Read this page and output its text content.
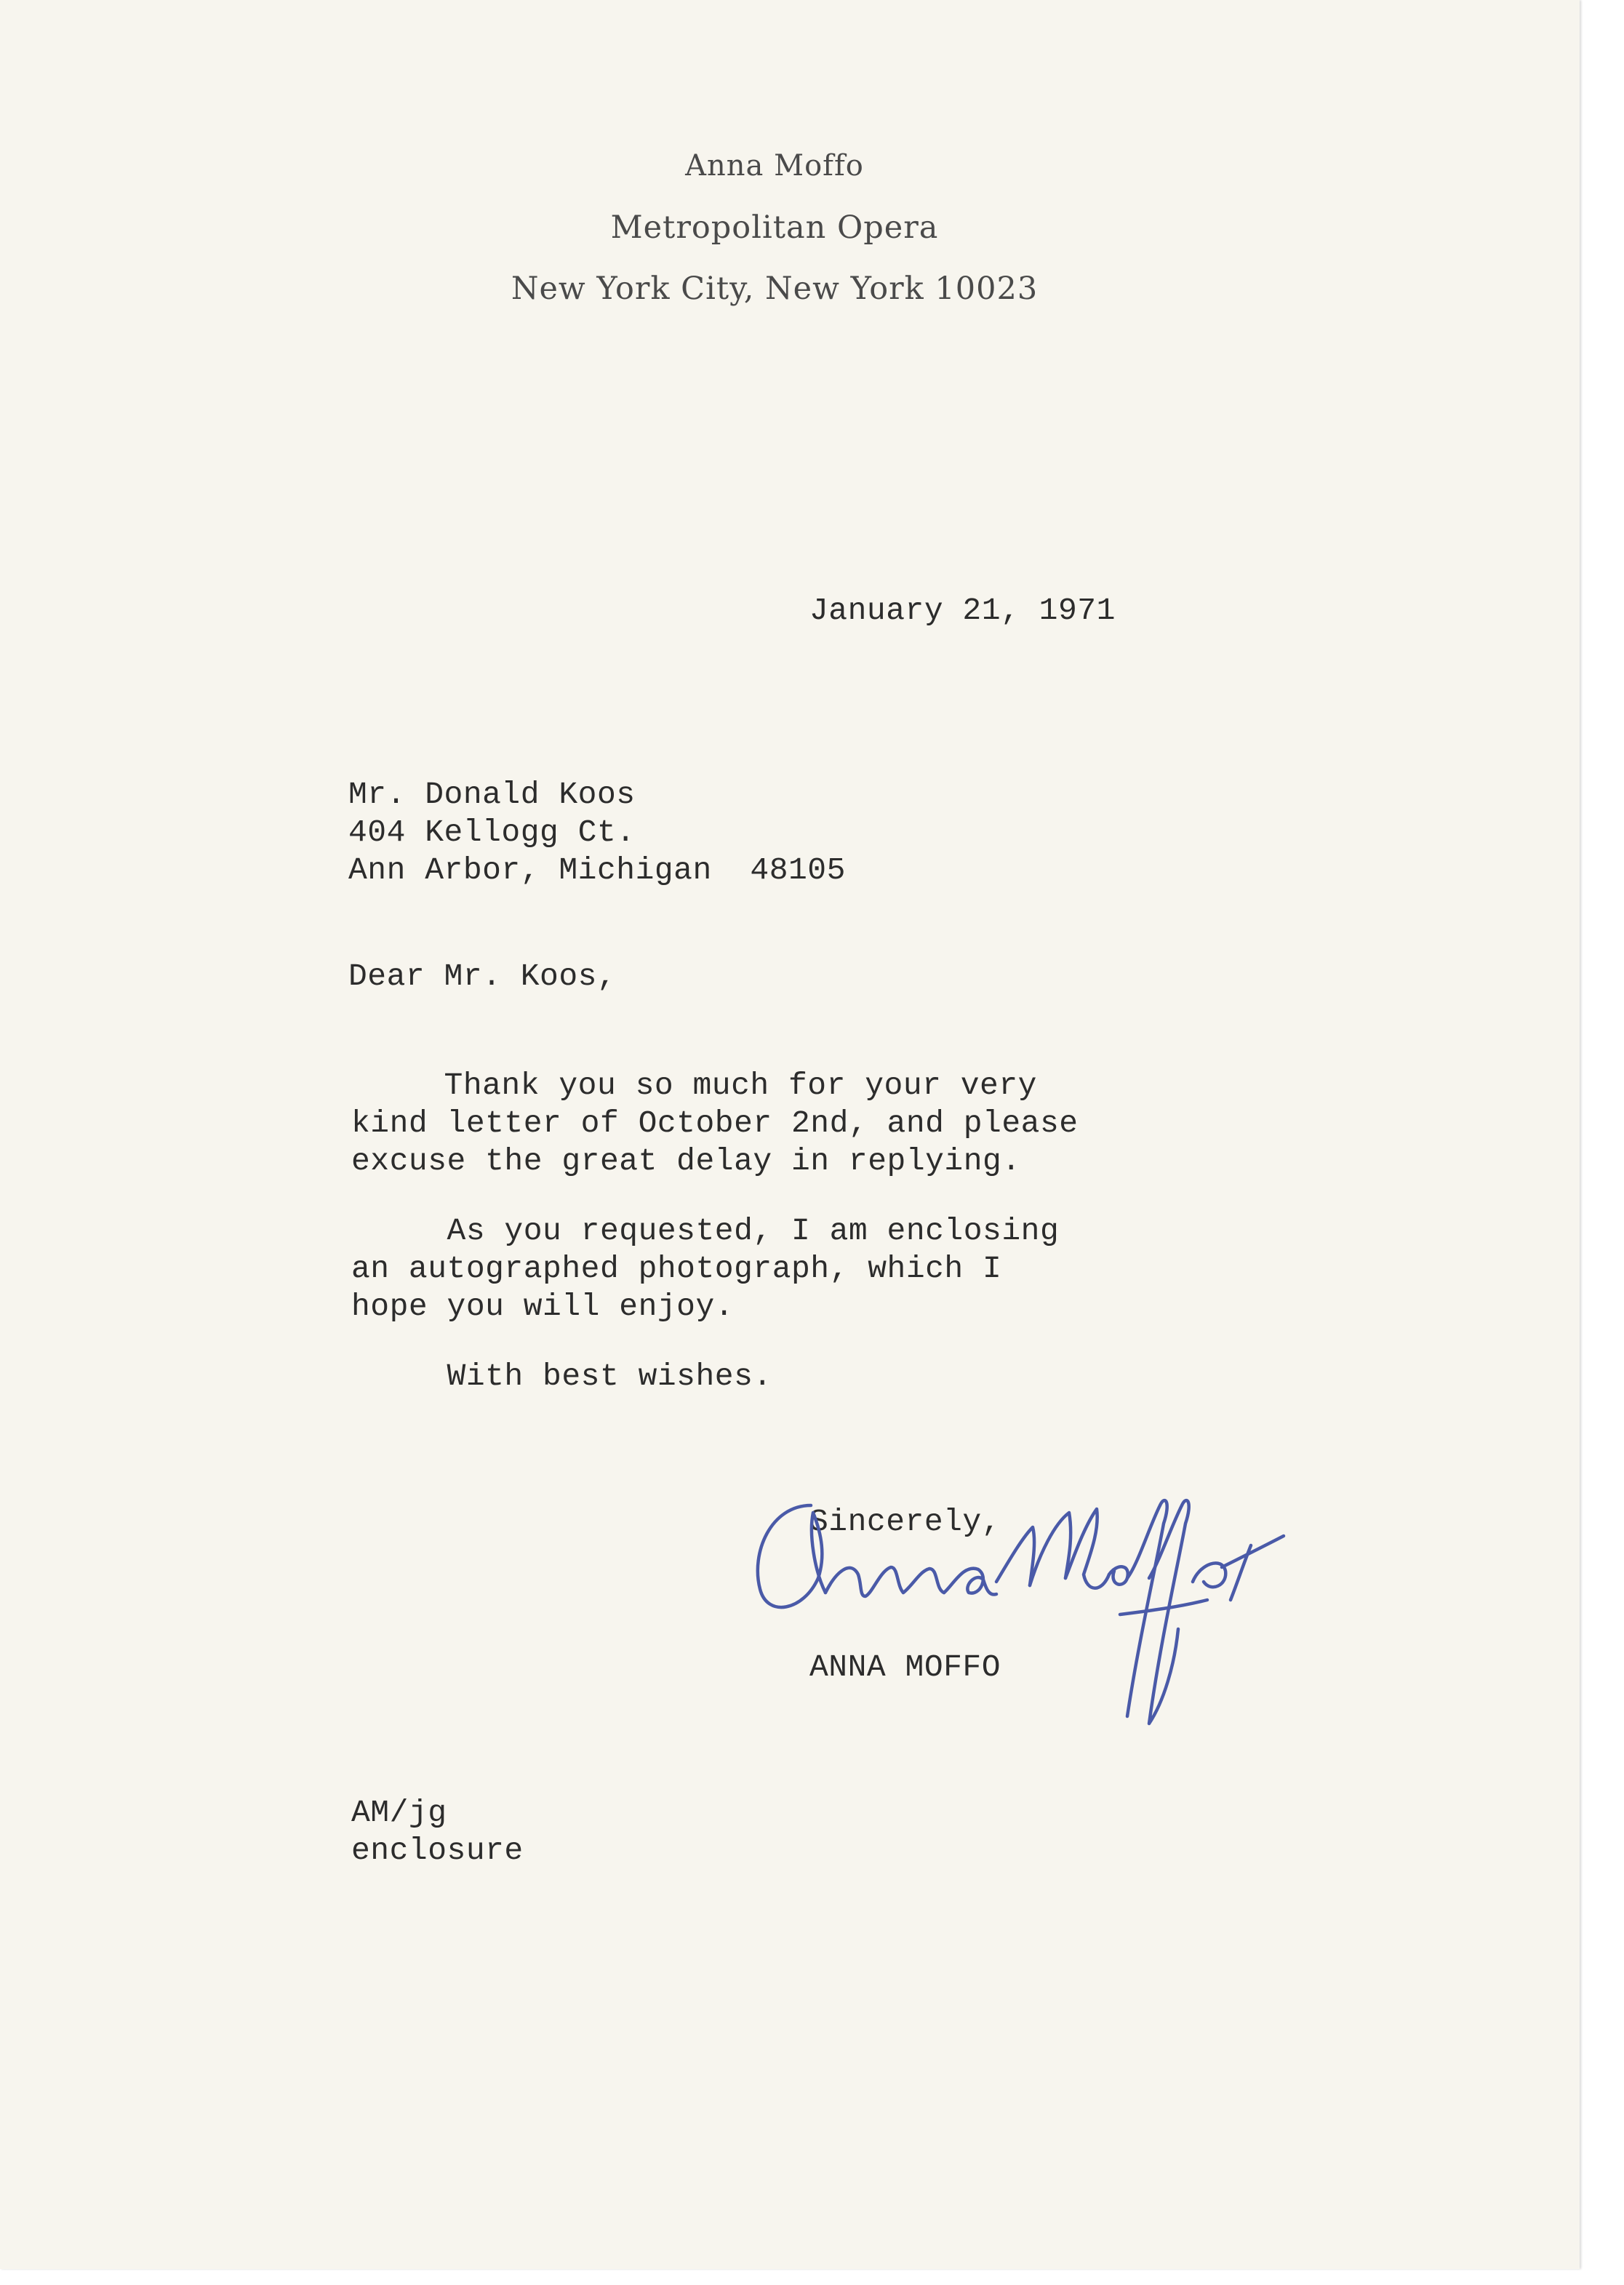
Anna Moffo
Metropolitan Opera
New York City, New York 10023
January 21, 1971
Mr. Donald Koos
404 Kellogg Ct.
Ann Arbor, Michigan  48105
Dear Mr. Koos,
Thank you so much for your very
kind letter of October 2nd, and please
excuse the great delay in replying.
As you requested, I am enclosing
an autographed photograph, which I
hope you will enjoy.
With best wishes.
Sincerely,
ANNA MOFFO
AM/jg
enclosure
